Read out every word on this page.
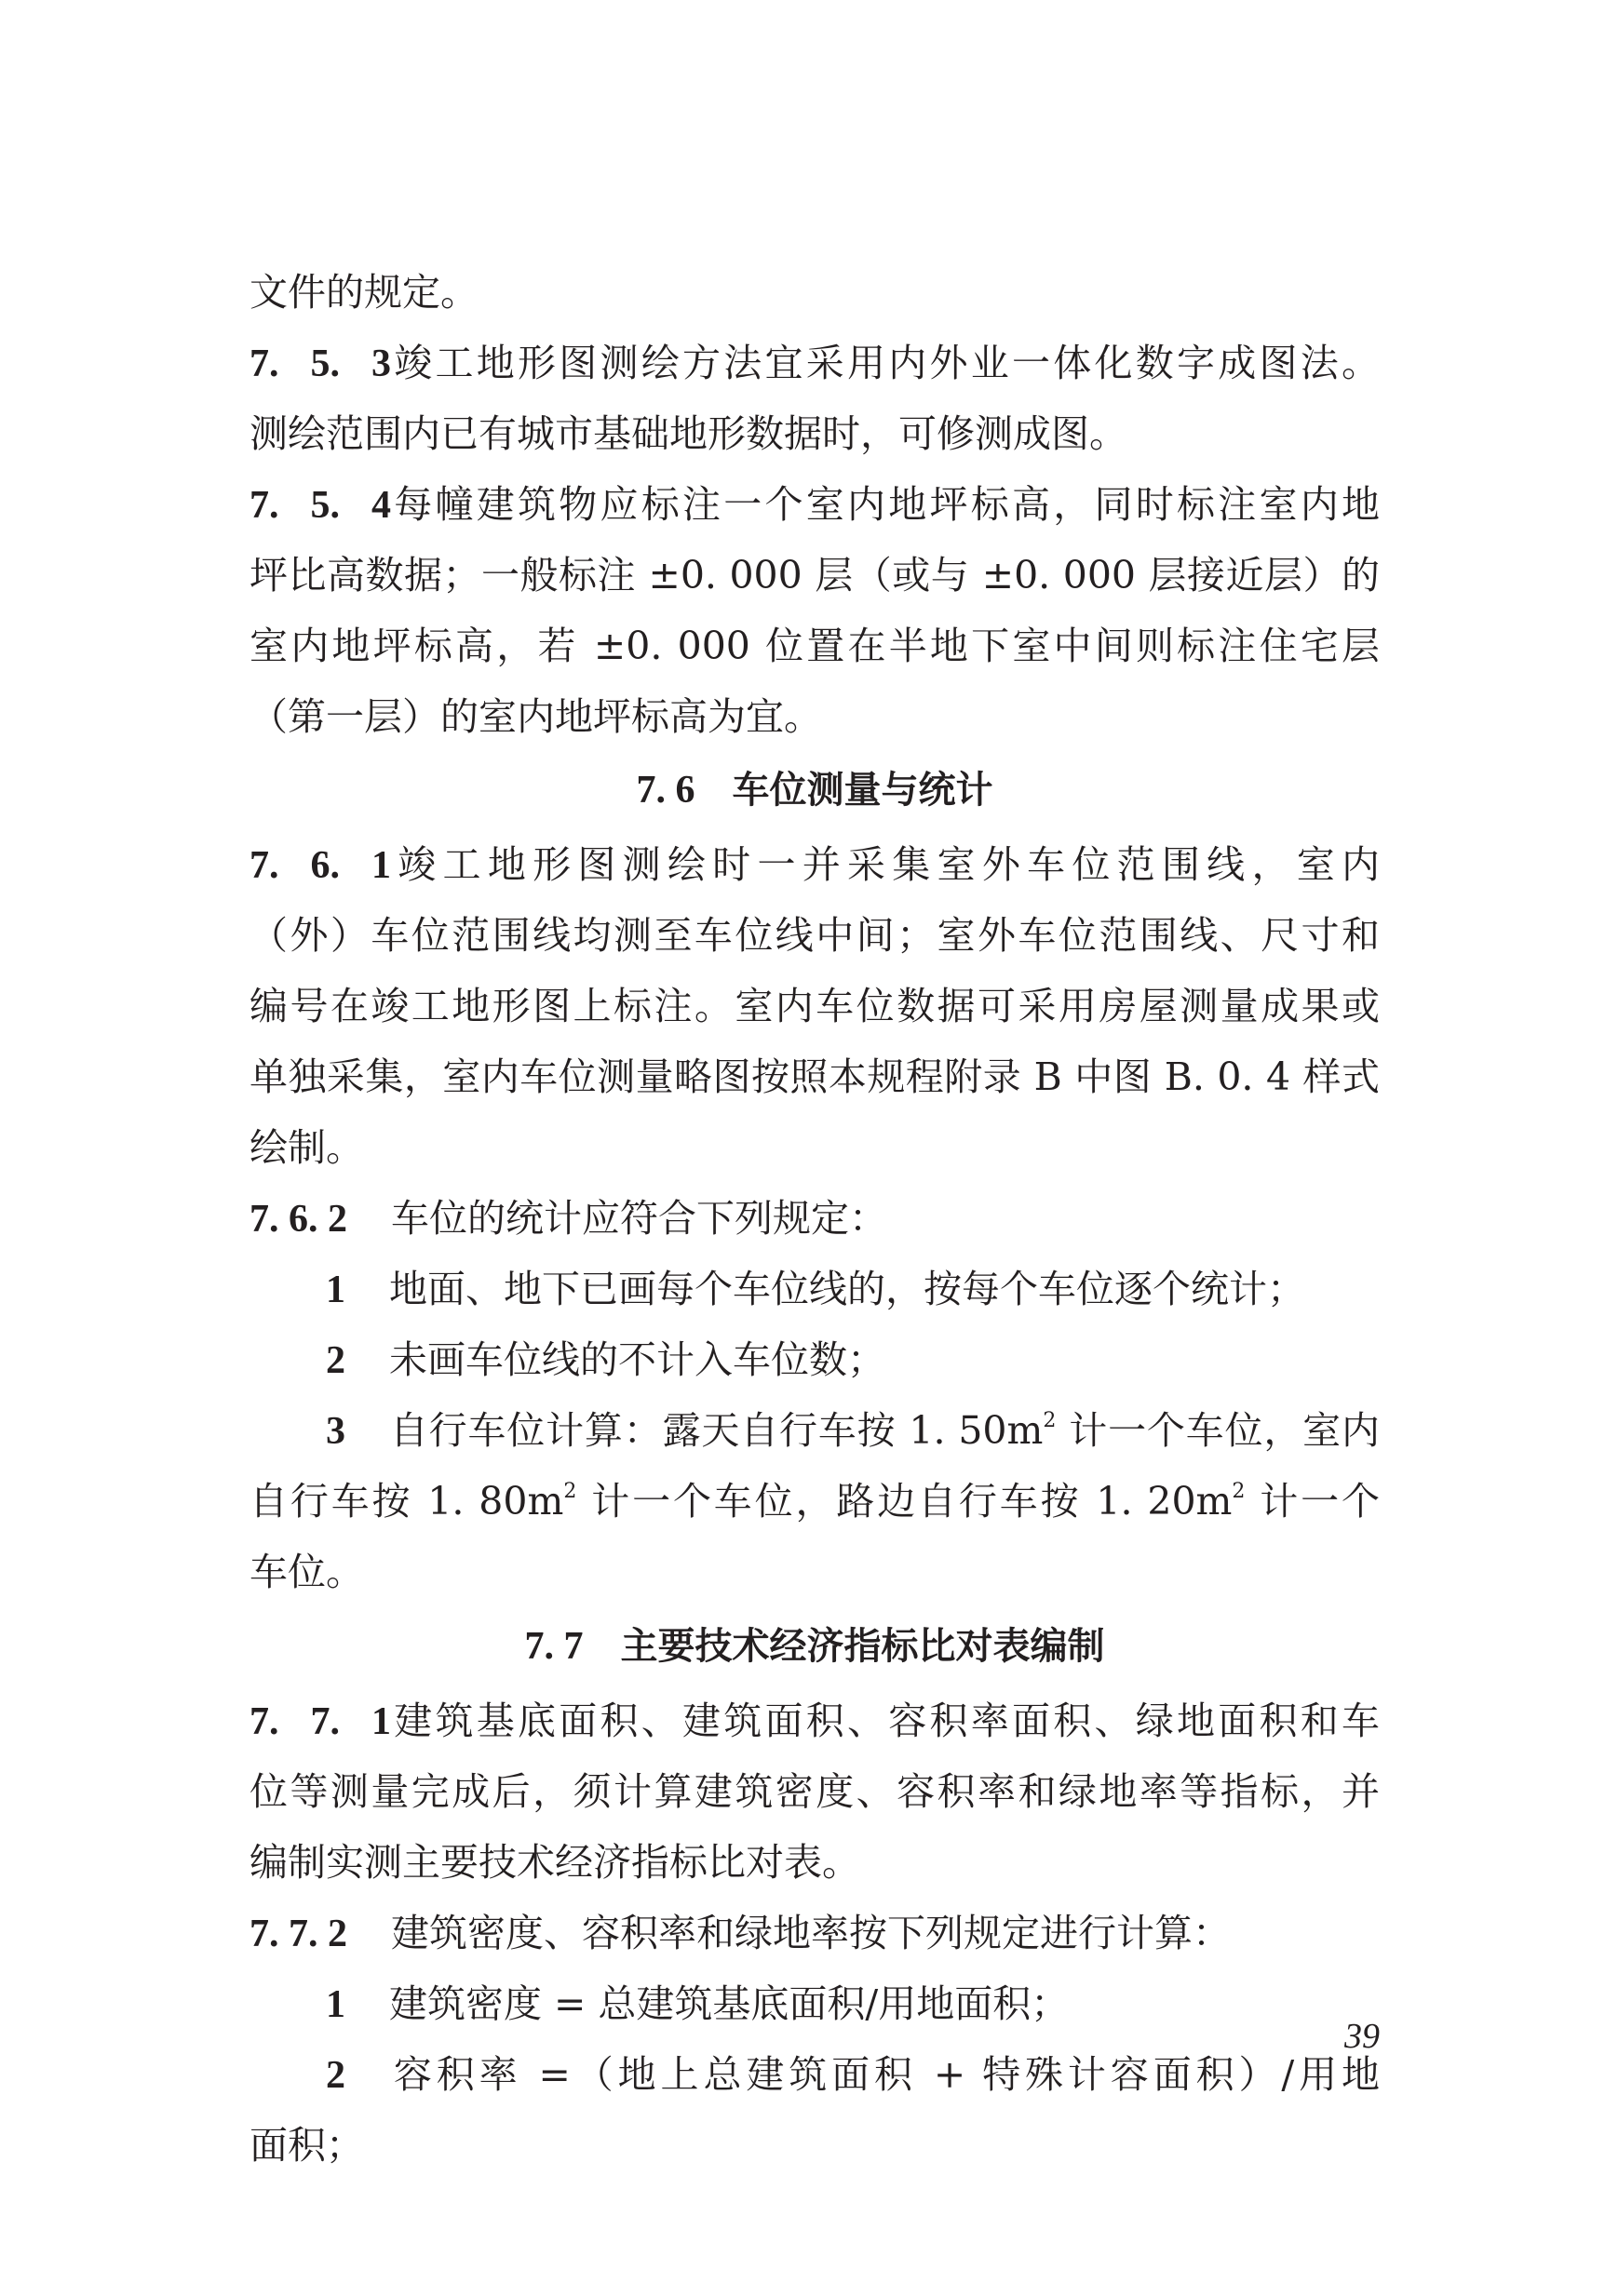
文件的规定。
7. 5. 3竣工地形图测绘方法宜采用内外业一体化数字成图法。
测绘范围内已有城市基础地形数据时，可修测成图。
7. 5. 4每幢建筑物应标注一个室内地坪标高，同时标注室内地
坪比高数据；一般标注 ±0. 000 层（或与 ±0. 000 层接近层）的
室内地坪标高，若 ±0. 000 位置在半地下室中间则标注住宅层
（第一层）的室内地坪标高为宜。
7. 6 车位测量与统计
7. 6. 1竣工地形图测绘时一并采集室外车位范围线，室内
（外）车位范围线均测至车位线中间；室外车位范围线、尺寸和
编号在竣工地形图上标注。室内车位数据可采用房屋测量成果或
单独采集，室内车位测量略图按照本规程附录 B 中图 B. 0. 4 样式
绘制。
7. 6. 2 车位的统计应符合下列规定：
1 地面、地下已画每个车位线的，按每个车位逐个统计；
2 未画车位线的不计入车位数；
3 自行车位计算：露天自行车按 1. $50m^2$ 计一个车位，室内
自行车按 1. $80m^2$ 计一个车位，路边自行车按 1. $20m^2$ 计一个
车位。
7. 7 主要技术经济指标比对表编制
7. 7. 1建筑基底面积、建筑面积、容积率面积、绿地面积和车
位等测量完成后，须计算建筑密度、容积率和绿地率等指标，并
编制实测主要技术经济指标比对表。
7. 7. 2 建筑密度、容积率和绿地率按下列规定进行计算：
1 建筑密度 = 总建筑基底面积/用地面积；
2 容积率 =（地上总建筑面积 + 特殊计容面积）/用地
面积；
39
